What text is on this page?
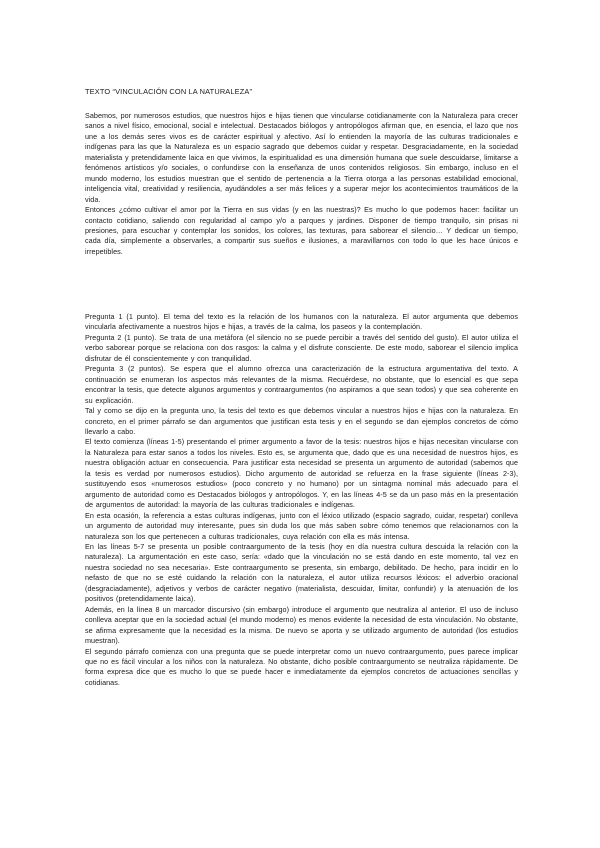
TEXTO “VINCULACIÓN CON LA NATURALEZA”

Sabemos, por numerosos estudios, que nuestros hijos e hijas tienen que vincularse cotidianamente con la Naturaleza para crecer sanos a nivel físico, emocional, social e intelectual. Destacados biólogos y antropólogos afirman que, en esencia, el lazo que nos une a los demás seres vivos es de carácter espiritual y afectivo. Así lo entienden la mayoría de las culturas tradicionales e indígenas para las que la Naturaleza es un espacio sagrado que debemos cuidar y respetar. Desgraciadamente, en la sociedad materialista y pretendidamente laica en que vivimos, la espiritualidad es una dimensión humana que suele descuidarse, limitarse a fenómenos artísticos y/o sociales, o confundirse con la enseñanza de unos contenidos religiosos. Sin embargo, incluso en el mundo moderno, los estudios muestran que el sentido de pertenencia a la Tierra otorga a las personas estabilidad emocional, inteligencia vital, creatividad y resiliencia, ayudándoles a ser más felices y a superar mejor los acontecimientos traumáticos de la vida.

Entonces ¿cómo cultivar el amor por la Tierra en sus vidas (y en las nuestras)? Es mucho lo que podemos hacer: facilitar un contacto cotidiano, saliendo con regularidad al campo y/o a parques y jardines. Disponer de tiempo tranquilo, sin prisas ni presiones, para escuchar y contemplar los sonidos, los colores, las texturas, para saborear el silencio… Y dedicar un tiempo, cada día, simplemente a observarles, a compartir sus sueños e ilusiones, a maravillarnos con todo lo que les hace únicos e irrepetibles.

Pregunta 1 (1 punto). El tema del texto es la relación de los humanos con la naturaleza. El autor argumenta que debemos vincularla afectivamente a nuestros hijos e hijas, a través de la calma, los paseos y la contemplación.

Pregunta 2 (1 punto). Se trata de una metáfora (el silencio no se puede percibir a través del sentido del gusto). El autor utiliza el verbo saborear porque se relaciona con dos rasgos: la calma y el disfrute consciente. De este modo, saborear el silencio implica disfrutar de él conscientemente y con tranquilidad.

Pregunta 3 (2 puntos). Se espera que el alumno ofrezca una caracterización de la estructura argumentativa del texto. A continuación se enumeran los aspectos más relevantes de la misma. Recuérdese, no obstante, que lo esencial es que sepa encontrar la tesis, que detecte algunos argumentos y contraargumentos (no aspiramos a que sean todos) y que sea coherente en su explicación.

Tal y como se dijo en la pregunta uno, la tesis del texto es que debemos vincular a nuestros hijos e hijas con la naturaleza. En concreto, en el primer párrafo se dan argumentos que justifican esta tesis y en el segundo se dan ejemplos concretos de cómo llevarlo a cabo.

El texto comienza (líneas 1-5) presentando el primer argumento a favor de la tesis: nuestros hijos e hijas necesitan vincularse con la Naturaleza para estar sanos a todos los niveles. Esto es, se argumenta que, dado que es una necesidad de nuestros hijos, es nuestra obligación actuar en consecuencia. Para justificar esta necesidad se presenta un argumento de autoridad (sabemos que la tesis es verdad por numerosos estudios). Dicho argumento de autoridad se refuerza en la frase siguiente (líneas 2-3), sustituyendo esos «numerosos estudios» (poco concreto y no humano) por un sintagma nominal más adecuado para el argumento de autoridad como es Destacados biólogos y antropólogos. Y, en las líneas 4-5 se da un paso más en la presentación de argumentos de autoridad: la mayoría de las culturas tradicionales e indígenas.

En esta ocasión, la referencia a estas culturas indígenas, junto con el léxico utilizado (espacio sagrado, cuidar, respetar) conlleva un argumento de autoridad muy interesante, pues sin duda los que más saben sobre cómo tenemos que relacionarnos con la naturaleza son los que pertenecen a culturas tradicionales, cuya relación con ella es más intensa.

En las líneas 5-7 se presenta un posible contraargumento de la tesis (hoy en día nuestra cultura descuida la relación con la naturaleza). La argumentación en este caso, sería: «dado que la vinculación no se está dando en este momento, tal vez en nuestra sociedad no sea necesaria». Este contraargumento se presenta, sin embargo, debilitado. De hecho, para incidir en lo nefasto de que no se esté cuidando la relación con la naturaleza, el autor utiliza recursos léxicos: el adverbio oracional (desgraciadamente), adjetivos y verbos de carácter negativo (materialista, descuidar, limitar, confundir) y la atenuación de los positivos (pretendidamente laica).

Además, en la línea 8 un marcador discursivo (sin embargo) introduce el argumento que neutraliza al anterior. El uso de incluso conlleva aceptar que en la sociedad actual (el mundo moderno) es menos evidente la necesidad de esta vinculación. No obstante, se afirma expresamente que la necesidad es la misma. De nuevo se aporta y se utilizado argumento de autoridad (los estudios muestran).

El segundo párrafo comienza con una pregunta que se puede interpretar como un nuevo contraargumento, pues parece implicar que no es fácil vincular a los niños con la naturaleza. No obstante, dicho posible contraargumento se neutraliza rápidamente. De forma expresa dice que es mucho lo que se puede hacer e inmediatamente da ejemplos concretos de actuaciones sencillas y cotidianas.
